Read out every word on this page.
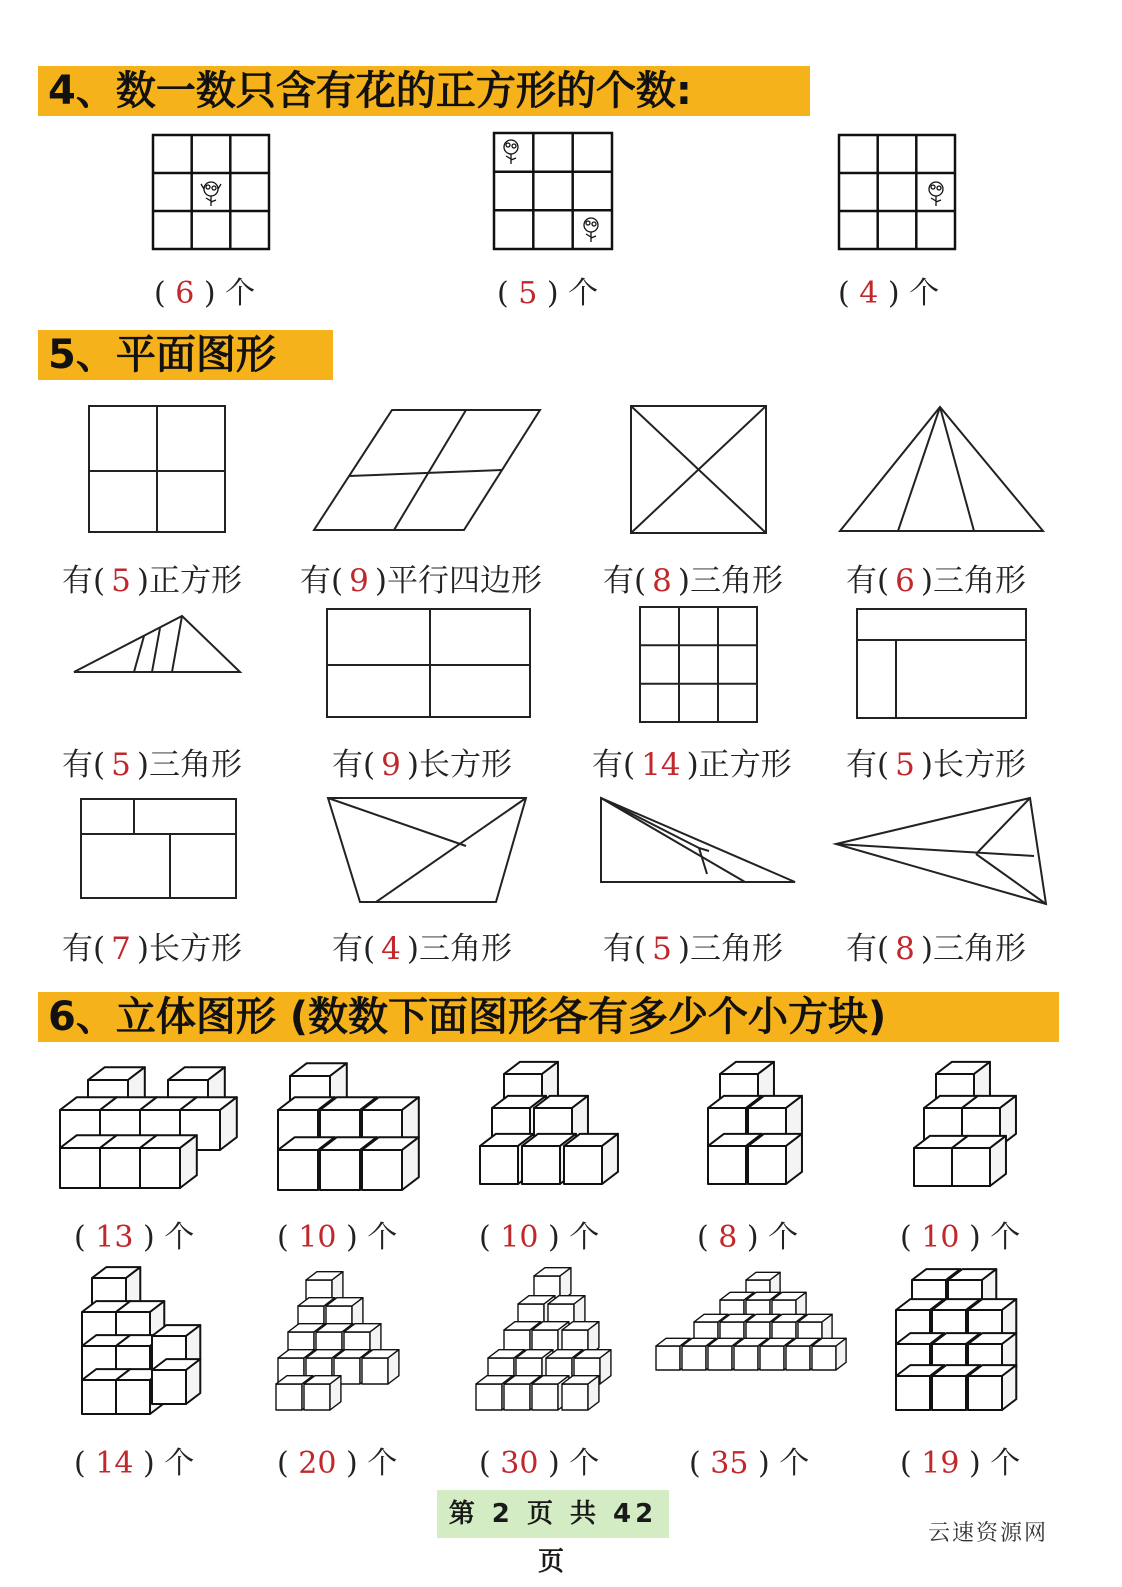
4、数一数只含有花的正方形的个数:
( 6 ) 个	( 5 ) 个	( 4 ) 个
5、平面图形
有( 5 )正方形 有( 9 )平行四边形 有( 8 )三角形 有( 6 )三角形
有( 5 )三角形	有( 9 )长方形	有( 14 )正方形 有( 5 )长方形
有( 7 )长方形	有( 4 )三角形	有( 5 )三角形 有( 8 )三角形
6、立体图形 (数数下面图形各有多少个小方块)
( 13 ) 个	( 10 ) 个	( 10 ) 个	( 8 ) 个	( 10 ) 个
( 14 ) 个	( 20 ) 个	( 30 ) 个	( 35 ) 个	( 19 ) 个
第 2 页 共 42 页
云速资源网
